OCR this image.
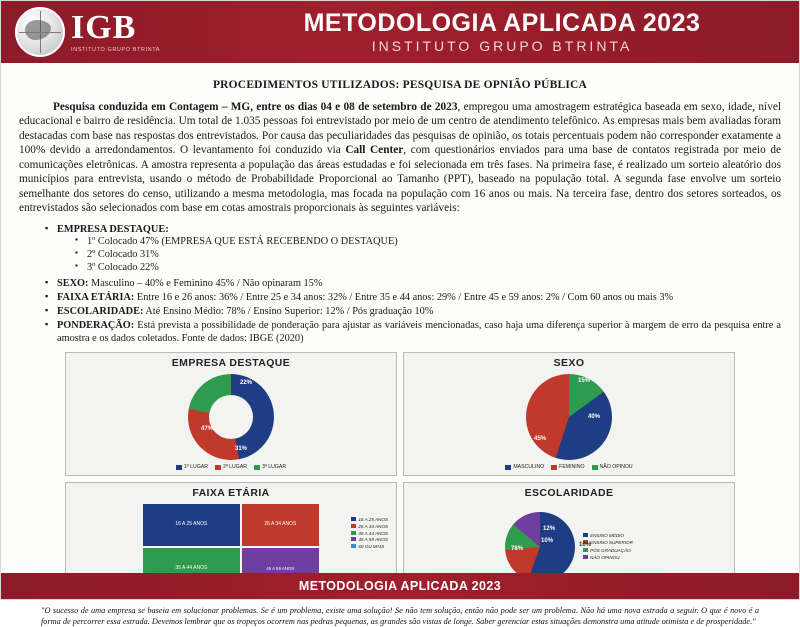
IGB
INSTITUTO GRUPO BTRINTA
METODOLOGIA APLICADA 2023
INSTITUTO GRUPO BTRINTA
PROCEDIMENTOS UTILIZADOS: PESQUISA DE OPNIÃO PÚBLICA

Pesquisa conduzida em Contagem – MG, entre os dias 04 e 08 de setembro de 2023, empregou uma amostragem estratégica baseada em sexo, idade, nível educacional e bairro de residência. Um total de 1.035 pessoas foi entrevistado por meio de um centro de atendimento telefônico. As empresas mais bem avaliadas foram destacadas com base nas respostas dos entrevistados. Por causa das peculiaridades das pesquisas de opinião, os totais percentuais podem não corresponder exatamente a 100% devido a arredondamentos. O levantamento foi conduzido via Call Center, com questionários enviados para uma base de contatos registrada por meio de comunicações eletrônicas. A amostra representa a população das áreas estudadas e foi selecionada em três fases. Na primeira fase, é realizado um sorteio aleatório dos municípios para entrevista, usando o método de Probabilidade Proporcional ao Tamanho (PPT), baseado na população total. A segunda fase envolve um sorteio semelhante dos setores do censo, utilizando a mesma metodologia, mas focada na população com 16 anos ou mais. Na terceira fase, dentro dos setores sorteados, os entrevistados são selecionados com base em cotas amostrais proporcionais às seguintes variáveis:

▪ EMPRESA DESTAQUE:
▪ 1º Colocado 47% (EMPRESA QUE ESTÁ RECEBENDO O DESTAQUE)
▪ 2º Colocado 31%
▪ 3º Colocado 22%
▪ SEXO: Masculino – 40% e Feminino 45% / Não opinaram 15%
▪ FAIXA ETÁRIA: Entre 16 e 26 anos: 36% / Entre 25 e 34 anos: 32% / Entre 35 e 44 anos: 29% / Entre 45 e 59 anos: 2% / Com 60 anos ou mais 3%
▪ ESCOLARIDADE: Até Ensino Médio: 78% / Ensino Superior: 12% / Pós graduação 10%
▪ PONDERAÇÃO: Está prevista a possibilidade de ponderação para ajustar as variáveis mencionadas, caso haja uma diferença superior à margem de erro da pesquisa entre a amostra e os dados coletados. Fonte de dados: IBGE (2020)
EMPRESA DESTAQUE
47%
31%
22%
1º LUGAR	2º LUGAR	3º LUGAR
SEXO
15%
40%
45%
MASCULINO	FEMININO	NÃO OPINOU
FAIXA ETÁRIA
16 A 25 ANOS	26 A 34 ANOS
35 A 44 ANOS	45 A 59 ANOS
16 A 25 ANOS
26 A 34 ANOS
35 A 44 ANOS
45 A 59 ANOS
60 OU MAIS
ESCOLARIDADE
78%
12%
10%
10%
ENSINO MÉDIO
ENSINO SUPERIOR
PÓS GRADUAÇÃO
NÃO OPINOU
"O sucesso de uma empresa se baseia em solucionar problemas. Se é um problema, existe uma solução! Se não tem solução, então não pode ser um problema. Não há uma nova estrada a seguir. O que é novo é a forma de percorrer essa estrada. Devemos lembrar que os tropeços ocorrem nas pedras pequenas, as grandes são vistas de longe. Saber gerenciar estas situações demonstra uma atitude otimista e de prosperidade."
METODOLOGIA APLICADA 2023
